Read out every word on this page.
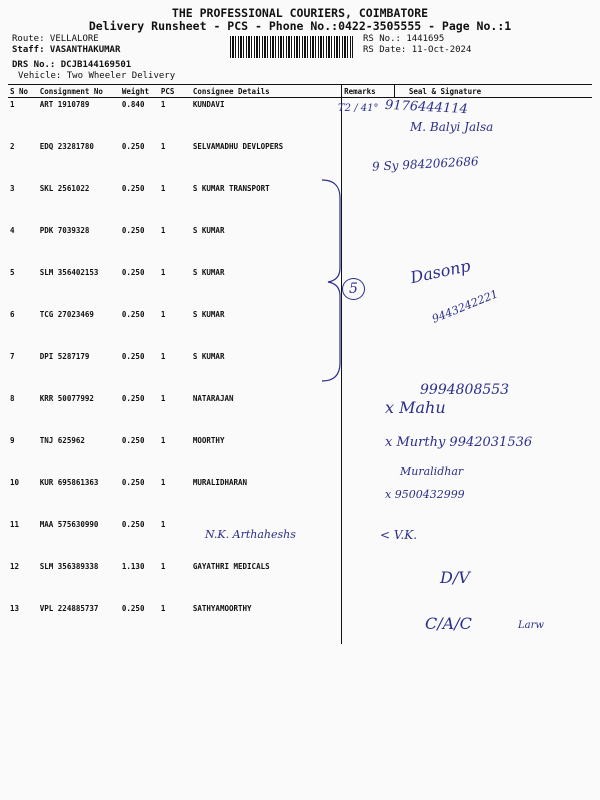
THE PROFESSIONAL COURIERS, COIMBATORE
Delivery Runsheet - PCS - Phone No.:0422-3505555 - Page No.:1
Route: VELLALORE
Staff: VASANTHAKUMAR
DRS No.: DCJB144169501
Vehicle: Two Wheeler Delivery
RS No.: 1441695
RS Date: 11-Oct-2024
S No	Consignment No	Weight	PCS	Consignee Details	Remarks	Seal & Signature
1	ART 1910789	0.840	1	KUNDAVI		
2	EDQ 23281780	0.250	1	SELVAMADHU DEVLOPERS		
3	SKL 2561022	0.250	1	S KUMAR TRANSPORT		
4	PDK 7039328	0.250	1	S KUMAR		
5	SLM 356402153	0.250	1	S KUMAR		
6	TCG 27023469	0.250	1	S KUMAR		
7	DPI 5287179	0.250	1	S KUMAR		
8	KRR 50077992	0.250	1	NATARAJAN		
9	TNJ 625962	0.250	1	MOORTHY		
10	KUR 695861363	0.250	1	MURALIDHARAN		
11	MAA 575630990	0.250	1			
12	SLM 356389338	1.130	1	GAYATHRI MEDICALS		
13	VPL 224885737	0.250	1	SATHYAMOORTHY		
T2 / 41° 9176444114
M. Balyi Jalsa
9 Sy 9842062686
5
Dasonp
9443242221
9994808553
x Mahu
x Murthy 9942031536
Muralidhar
x 9500432999
N.K. Arthaheshs	< V.K.
D/V
C/A/C	Larw
